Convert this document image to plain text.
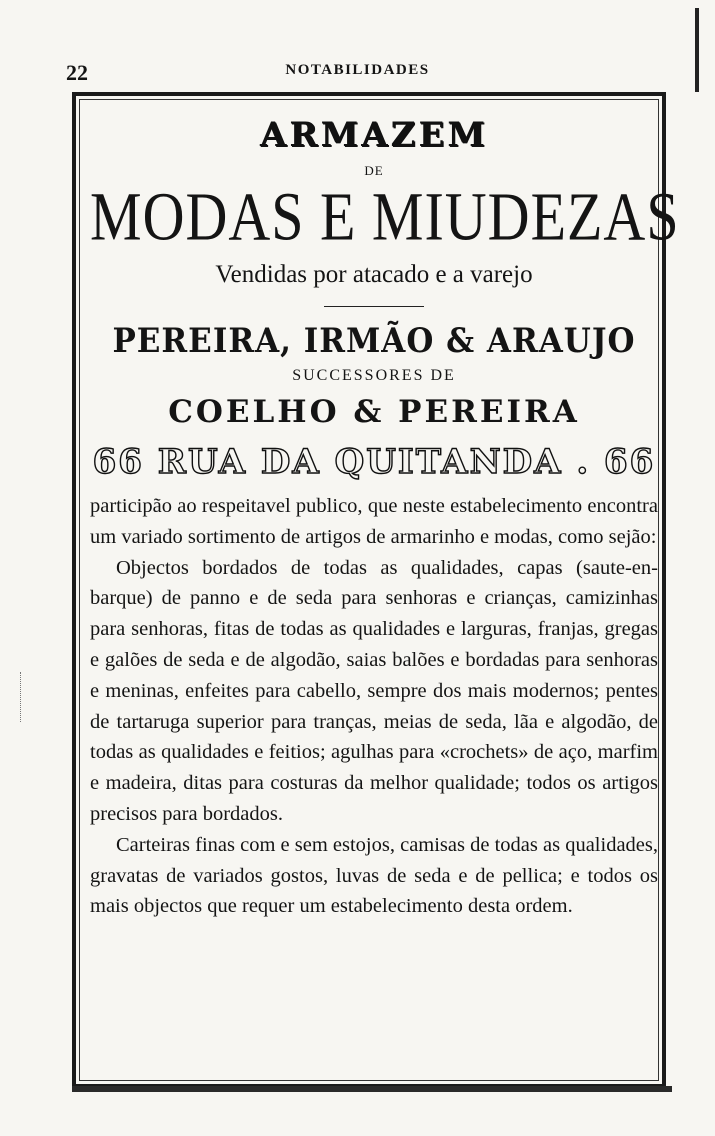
22	NOTABILIDADES
ARMAZEM
DE
MODAS E MIUDEZAS
Vendidas por atacado e a varejo
PEREIRA, IRMÃO & ARAUJO
SUCCESSORES DE
COELHO & PEREIRA
66 RUA DA QUITANDA . 66

participão ao respeitavel publico, que neste estabelecimento encontra um variado sortimento de artigos de armarinho e modas, como sejão:

Objectos bordados de todas as qualidades, capas (saute-en-barque) de panno e de seda para senhoras e crianças, camizinhas para senhoras, fitas de todas as qualidades e larguras, franjas, gregas e galões de seda e de algodão, saias balões e bordadas para senhoras e meninas, enfeites para cabello, sempre dos mais modernos; pentes de tartaruga superior para tranças, meias de seda, lãa e algodão, de todas as qualidades e feitios; agulhas para «crochets» de aço, marfim e madeira, ditas para costuras da melhor qualidade; todos os artigos precisos para bordados.

Carteiras finas com e sem estojos, camisas de todas as qualidades, gravatas de variados gostos, luvas de seda e de pellica; e todos os mais objectos que requer um estabelecimento desta ordem.
